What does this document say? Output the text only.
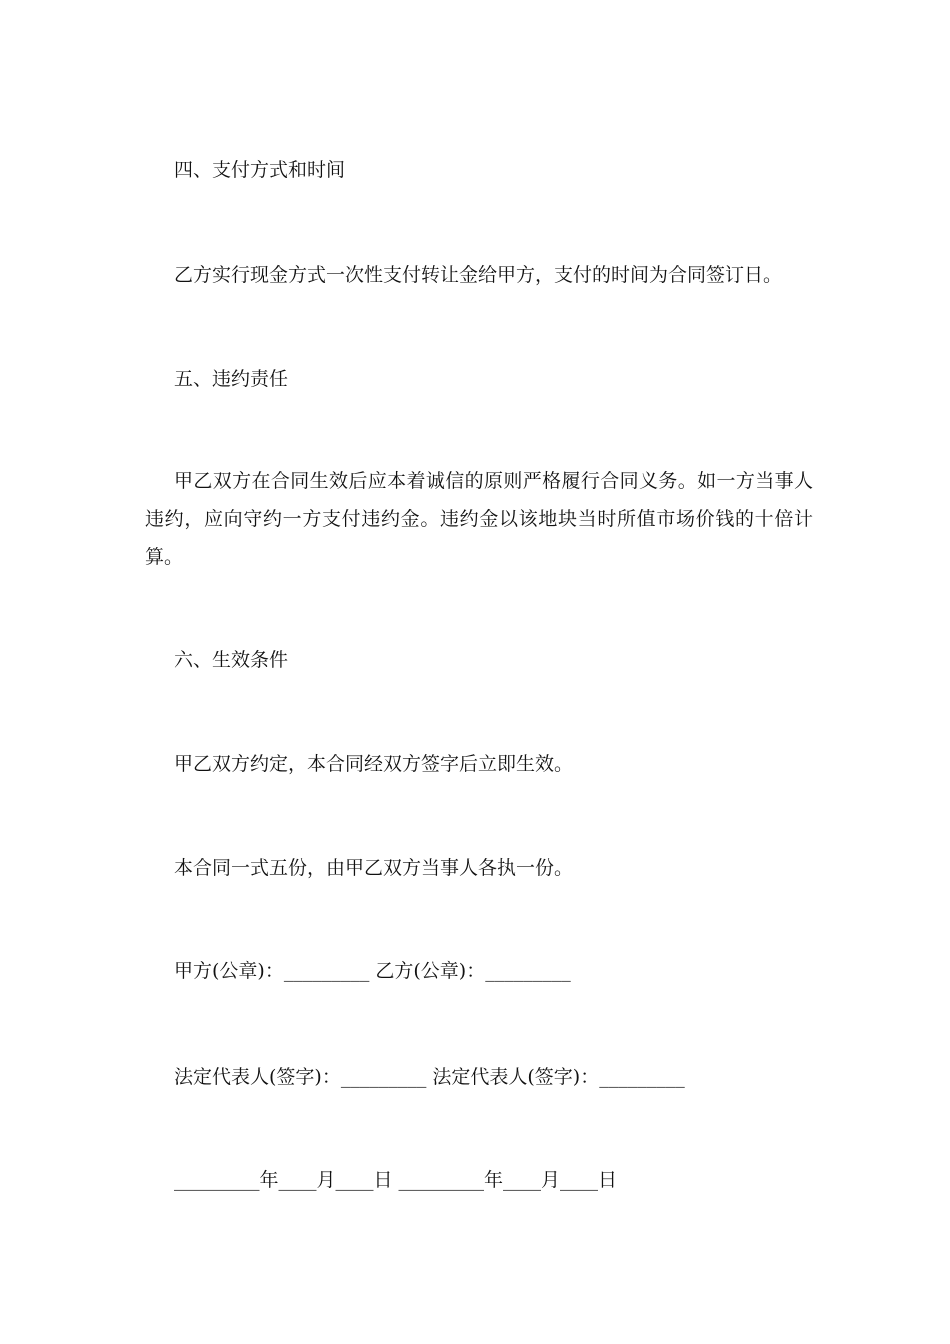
四、支付方式和时间
乙方实行现金方式一次性支付转让金给甲方，支付的时间为合同签订日。
五、违约责任
甲乙双方在合同生效后应本着诚信的原则严格履行合同义务。如一方当事人违约，应向守约一方支付违约金。违约金以该地块当时所值市场价钱的十倍计算。
六、生效条件
甲乙双方约定，本合同经双方签字后立即生效。
本合同一式五份，由甲乙双方当事人各执一份。
甲方(公章)：_________ 乙方(公章)：_________
法定代表人(签字)：_________ 法定代表人(签字)：_________
_________年____月____日 _________年____月____日
